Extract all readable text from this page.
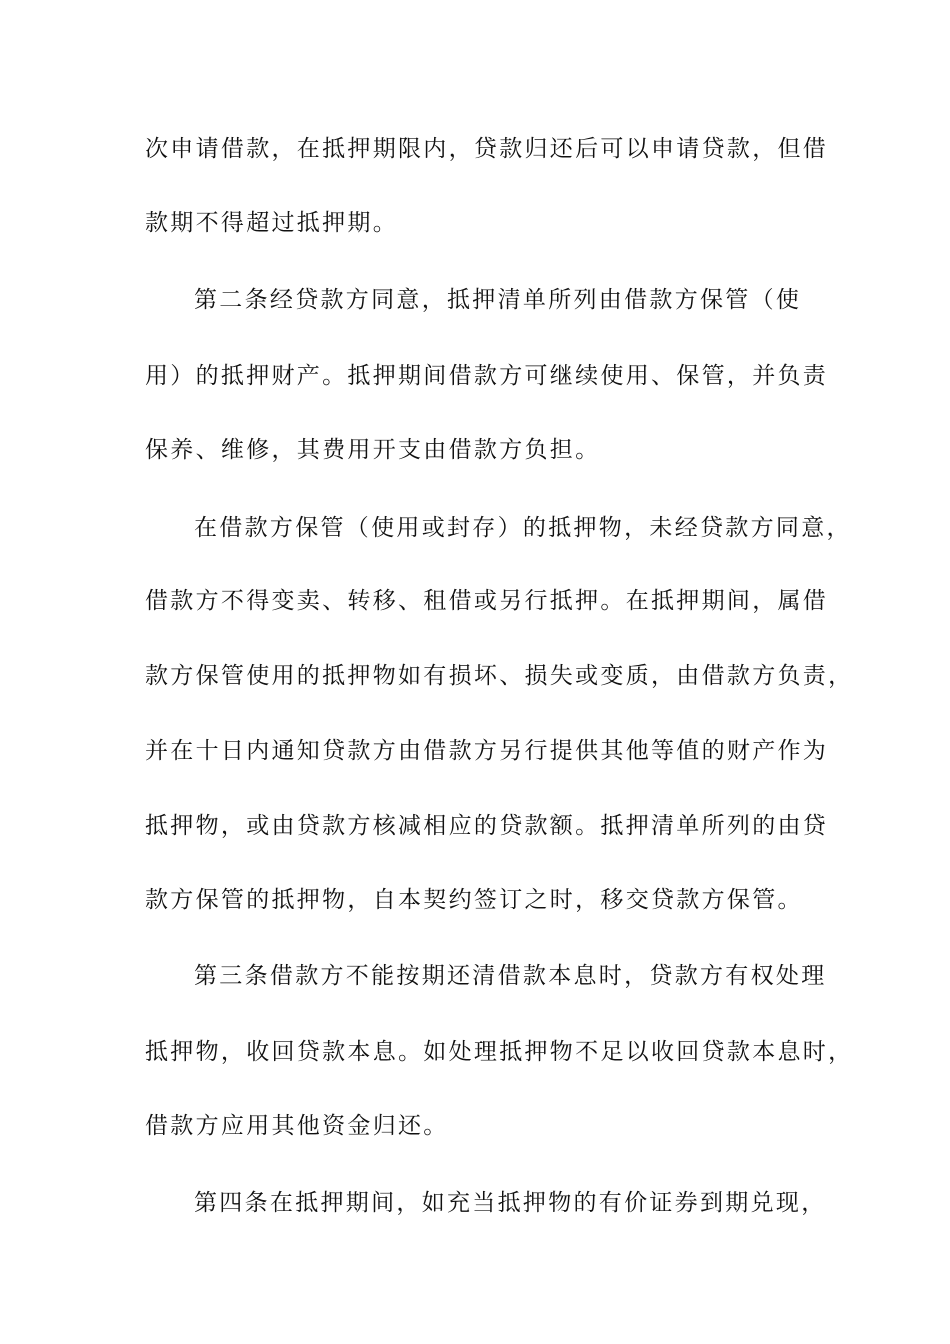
次申请借款，在抵押期限内，贷款归还后可以申请贷款，但借
款期不得超过抵押期。
第二条经贷款方同意，抵押清单所列由借款方保管（使
用）的抵押财产。抵押期间借款方可继续使用、保管，并负责
保养、维修，其费用开支由借款方负担。
在借款方保管（使用或封存）的抵押物，未经贷款方同意，
借款方不得变卖、转移、租借或另行抵押。在抵押期间，属借
款方保管使用的抵押物如有损坏、损失或变质，由借款方负责，
并在十日内通知贷款方由借款方另行提供其他等值的财产作为
抵押物，或由贷款方核减相应的贷款额。抵押清单所列的由贷
款方保管的抵押物，自本契约签订之时，移交贷款方保管。
第三条借款方不能按期还清借款本息时，贷款方有权处理
抵押物，收回贷款本息。如处理抵押物不足以收回贷款本息时，
借款方应用其他资金归还。
第四条在抵押期间，如充当抵押物的有价证券到期兑现，
